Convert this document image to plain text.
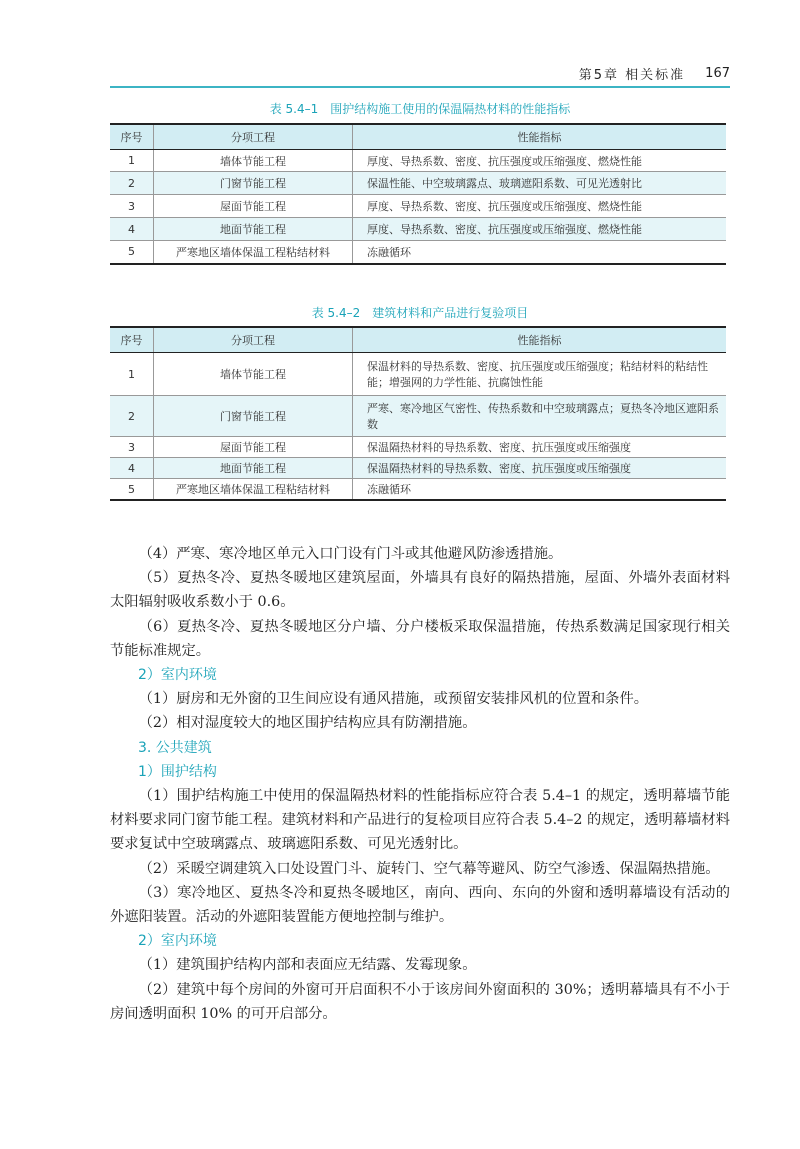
第5章 相关标准 167
表 5.4–1　围护结构施工使用的保温隔热材料的性能指标
序号	分项工程	性能指标
1	墙体节能工程	厚度、导热系数、密度、抗压强度或压缩强度、燃烧性能
2	门窗节能工程	保温性能、中空玻璃露点、玻璃遮阳系数、可见光透射比
3	屋面节能工程	厚度、导热系数、密度、抗压强度或压缩强度、燃烧性能
4	地面节能工程	厚度、导热系数、密度、抗压强度或压缩强度、燃烧性能
5	严寒地区墙体保温工程粘结材料	冻融循环
表 5.4–2　建筑材料和产品进行复验项目
序号	分项工程	性能指标
1	墙体节能工程	保温材料的导热系数、密度、抗压强度或压缩强度；粘结材料的粘结性能；增强网的力学性能、抗腐蚀性能
2	门窗节能工程	严寒、寒冷地区气密性、传热系数和中空玻璃露点；夏热冬冷地区遮阳系数
3	屋面节能工程	保温隔热材料的导热系数、密度、抗压强度或压缩强度
4	地面节能工程	保温隔热材料的导热系数、密度、抗压强度或压缩强度
5	严寒地区墙体保温工程粘结材料	冻融循环

（4）严寒、寒冷地区单元入口门设有门斗或其他避风防渗透措施。

（5）夏热冬冷、夏热冬暖地区建筑屋面，外墙具有良好的隔热措施，屋面、外墙外表面材料太阳辐射吸收系数小于 0.6。

（6）夏热冬冷、夏热冬暖地区分户墙、分户楼板采取保温措施，传热系数满足国家现行相关节能标准规定。

2）室内环境

（1）厨房和无外窗的卫生间应设有通风措施，或预留安装排风机的位置和条件。

（2）相对湿度较大的地区围护结构应具有防潮措施。

3. 公共建筑

1）围护结构

（1）围护结构施工中使用的保温隔热材料的性能指标应符合表 5.4–1 的规定，透明幕墙节能材料要求同门窗节能工程。建筑材料和产品进行的复检项目应符合表 5.4–2 的规定，透明幕墙材料要求复试中空玻璃露点、玻璃遮阳系数、可见光透射比。

（2）采暖空调建筑入口处设置门斗、旋转门、空气幕等避风、防空气渗透、保温隔热措施。

（3）寒冷地区、夏热冬冷和夏热冬暖地区，南向、西向、东向的外窗和透明幕墙设有活动的外遮阳装置。活动的外遮阳装置能方便地控制与维护。

2）室内环境

（1）建筑围护结构内部和表面应无结露、发霉现象。

（2）建筑中每个房间的外窗可开启面积不小于该房间外窗面积的 30%；透明幕墙具有不小于房间透明面积 10% 的可开启部分。
